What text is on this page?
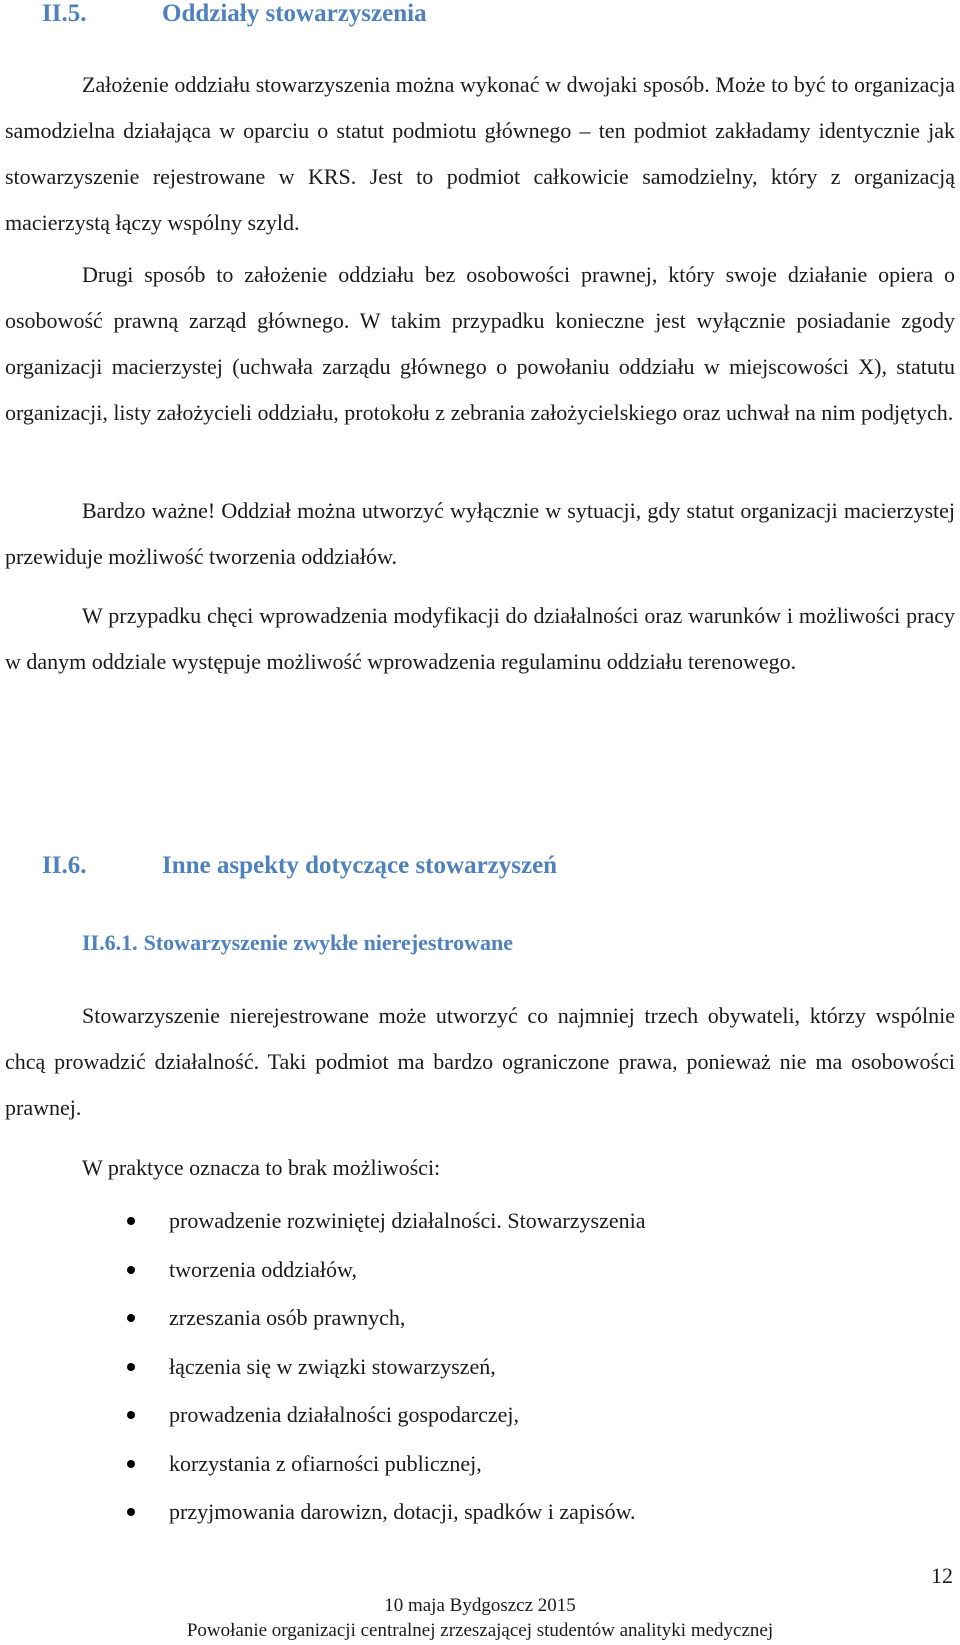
II.5.	Oddziały stowarzyszenia

Założenie oddziału stowarzyszenia można wykonać w dwojaki sposób. Może to być to organizacja samodzielna działająca w oparciu o statut podmiotu głównego – ten podmiot zakładamy identycznie jak stowarzyszenie rejestrowane w KRS. Jest to podmiot całkowicie samodzielny, który z organizacją macierzystą łączy wspólny szyld.

Drugi sposób to założenie oddziału bez osobowości prawnej, który swoje działanie opiera o osobowość prawną zarząd głównego. W takim przypadku konieczne jest wyłącznie posiadanie zgody organizacji macierzystej (uchwała zarządu głównego o powołaniu oddziału w miejscowości X), statutu organizacji, listy założycieli oddziału, protokołu z zebrania założycielskiego oraz uchwał na nim podjętych.

Bardzo ważne! Oddział można utworzyć wyłącznie w sytuacji, gdy statut organizacji macierzystej przewiduje możliwość tworzenia oddziałów.

W przypadku chęci wprowadzenia modyfikacji do działalności oraz warunków i możliwości pracy w danym oddziale występuje możliwość wprowadzenia regulaminu oddziału terenowego.

II.6.	Inne aspekty dotyczące stowarzyszeń
II.6.1. Stowarzyszenie zwykłe nierejestrowane

Stowarzyszenie nierejestrowane może utworzyć co najmniej trzech obywateli, którzy wspólnie chcą prowadzić działalność. Taki podmiot ma bardzo ograniczone prawa, ponieważ nie ma osobowości prawnej.

W praktyce oznacza to brak możliwości:
prowadzenie rozwiniętej działalności. Stowarzyszenia
tworzenia oddziałów,
zrzeszania osób prawnych,
łączenia się w związki stowarzyszeń,
prowadzenia działalności gospodarczej,
korzystania z ofiarności publicznej,
przyjmowania darowizn, dotacji, spadków i zapisów.
12
10 maja Bydgoszcz 2015
Powołanie organizacji centralnej zrzeszającej studentów analityki medycznej
